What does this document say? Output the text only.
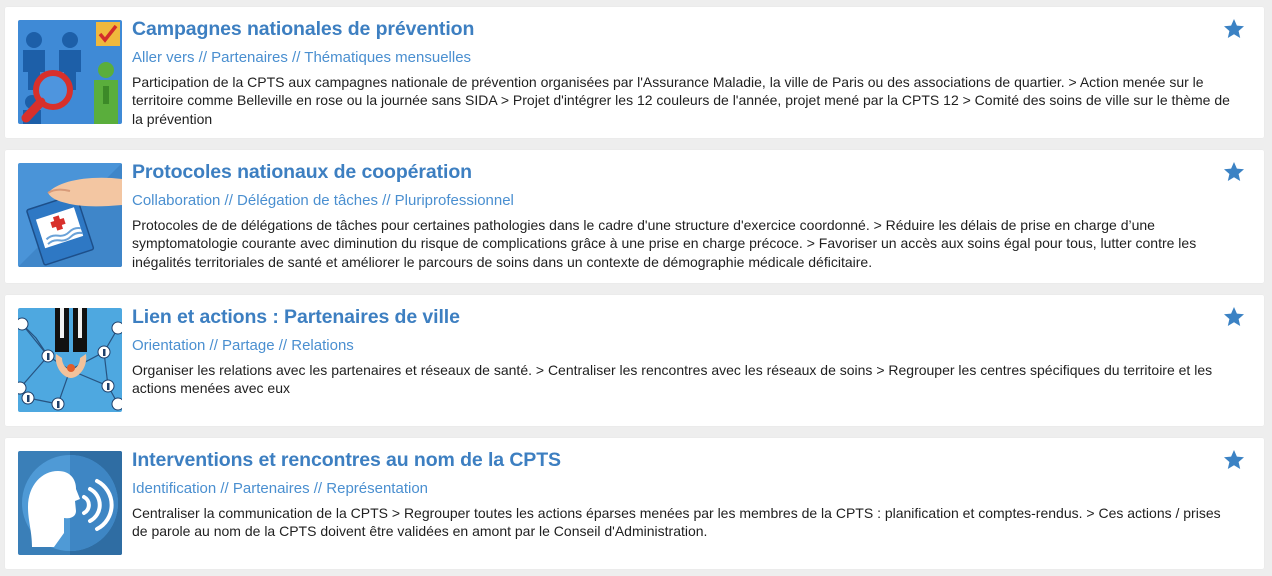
Campagnes nationales de prévention
Aller vers // Partenaires // Thématiques mensuelles
Participation de la CPTS aux campagnes nationale de prévention organisées par l'Assurance Maladie, la ville de Paris ou des associations de quartier. > Action menée sur le territoire comme Belleville en rose ou la journée sans SIDA > Projet d'intégrer les 12 couleurs de l'année, projet mené par la CPTS 12 > Comité des soins de ville sur le thème de la prévention
Protocoles nationaux de coopération
Collaboration // Délégation de tâches // Pluriprofessionnel
Protocoles de de délégations de tâches pour certaines pathologies dans le cadre d'une structure d'exercice coordonné. > Réduire les délais de prise en charge d’une symptomatologie courante avec diminution du risque de complications grâce à une prise en charge précoce. > Favoriser un accès aux soins égal pour tous, lutter contre les inégalités territoriales de santé et améliorer le parcours de soins dans un contexte de démographie médicale déficitaire.
Lien et actions : Partenaires de ville
Orientation // Partage // Relations
Organiser les relations avec les partenaires et réseaux de santé. > Centraliser les rencontres avec les réseaux de soins > Regrouper les centres spécifiques du territoire et les actions menées avec eux
Interventions et rencontres au nom de la CPTS
Identification // Partenaires // Représentation
Centraliser la communication de la CPTS > Regrouper toutes les actions éparses menées par les membres de la CPTS : planification et comptes-rendus. > Ces actions / prises de parole au nom de la CPTS doivent être validées en amont par le Conseil d'Administration.
